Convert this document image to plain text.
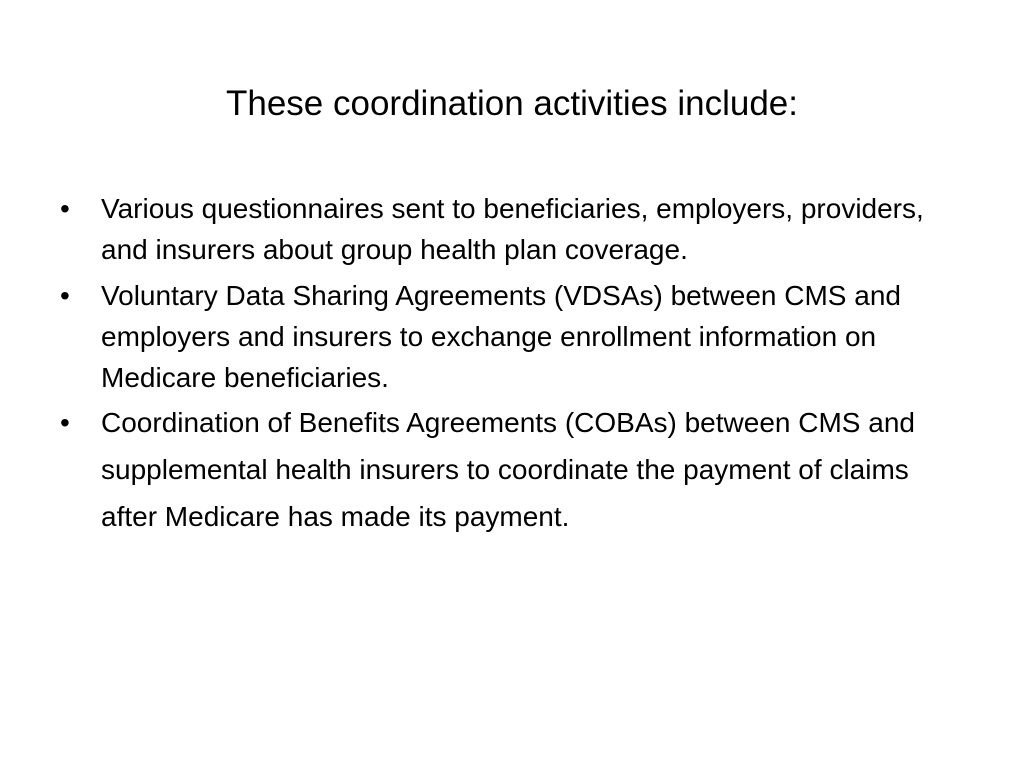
These coordination activities include:
•	Various questionnaires sent to beneficiaries, employers, providers, and insurers about group health plan coverage.
•	Voluntary Data Sharing Agreements (VDSAs) between CMS and employers and insurers to exchange enrollment information on Medicare beneficiaries.
•	Coordination of Benefits Agreements (COBAs) between CMS and supplemental health insurers to coordinate the payment of claims after Medicare has made its payment.
